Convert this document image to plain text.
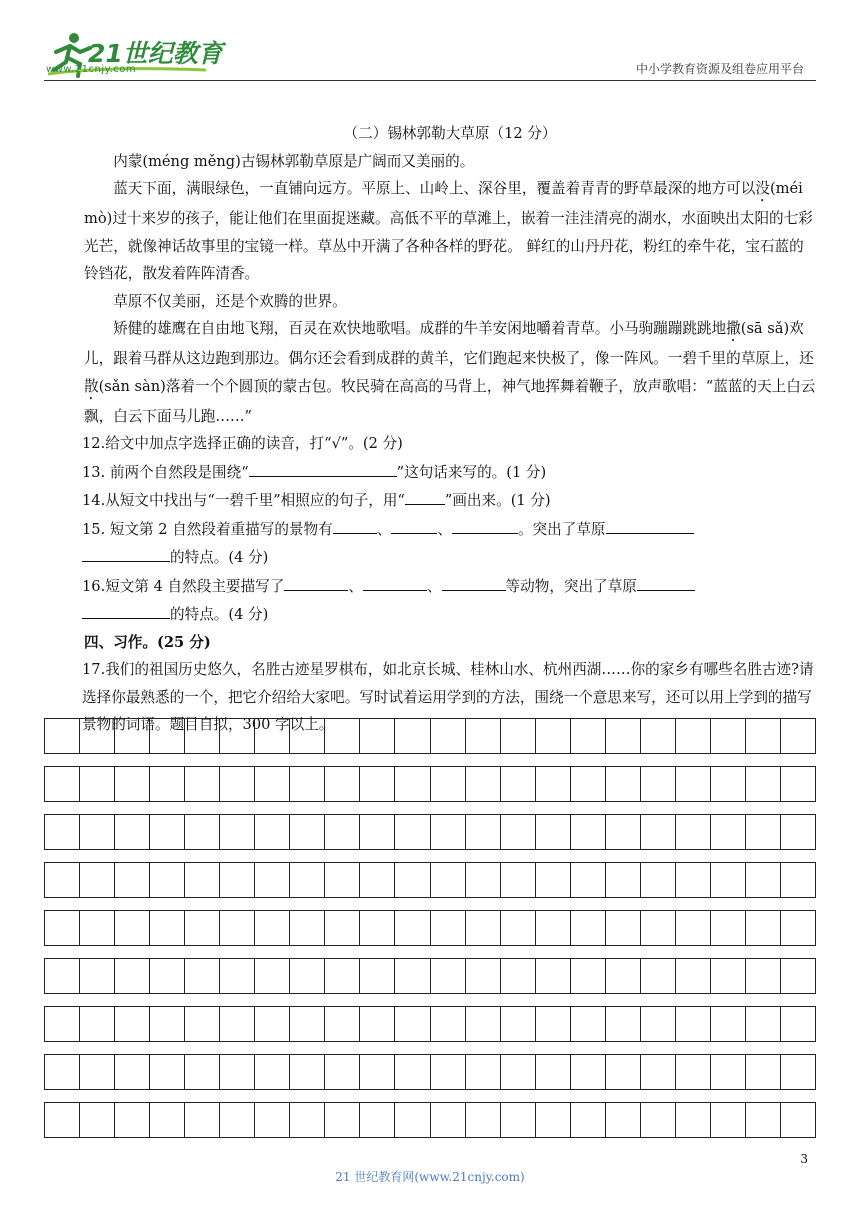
21世纪教育
www.21cnjy.com	中小学教育资源及组卷应用平台

（二）锡林郭勒大草原（12 分）

内蒙(méng měng)古锡林郭勒草原是广阔而又美丽的。

蓝天下面，满眼绿色，一直铺向远方。平原上、山岭上、深谷里，覆盖着青青的野草最深的地方可以没(méi mò)过十来岁的孩子，能让他们在里面捉迷藏。高低不平的草滩上，嵌着一洼洼清亮的湖水，水面映出太阳的七彩光芒，就像神话故事里的宝镜一样。草丛中开满了各种各样的野花。 鲜红的山丹丹花，粉红的牵牛花，宝石蓝的铃铛花，散发着阵阵清香。

草原不仅美丽，还是个欢腾的世界。

矫健的雄鹰在自由地飞翔，百灵在欢快地歌唱。成群的牛羊安闲地嚼着青草。小马驹蹦蹦跳跳地撒(sā sǎ)欢儿，跟着马群从这边跑到那边。偶尔还会看到成群的黄羊，它们跑起来快极了，像一阵风。一碧千里的草原上，还散(sǎn sàn)落着一个个圆顶的蒙古包。牧民骑在高高的马背上，神气地挥舞着鞭子，放声歌唱：“蓝蓝的天上白云飘，白云下面马儿跑……”

12.给文中加点字选择正确的读音，打“√”。(2 分)

13. 前两个自然段是围绕“	”这句话来写的。(1 分)

14.从短文中找出与“一碧千里”相照应的句子，用“	”画出来。(1 分)

15. 短文第 2 自然段着重描写的景物有	、	、	。突出了草原
的特点。(4 分)

16.短文第 4 自然段主要描写了	、	、	等动物，突出了草原
的特点。(4 分)

四、习作。(25 分)

17.我们的祖国历史悠久，名胜古迹星罗棋布，如北京长城、桂林山水、杭州西湖……你的家乡有哪些名胜古迹?请选择你最熟悉的一个，把它介绍给大家吧。写时试着运用学到的方法，围绕一个意思来写，还可以用上学到的描写景物的词语。题目自拟，300 字以上。

3
21 世纪教育网(www.21cnjy.com)
